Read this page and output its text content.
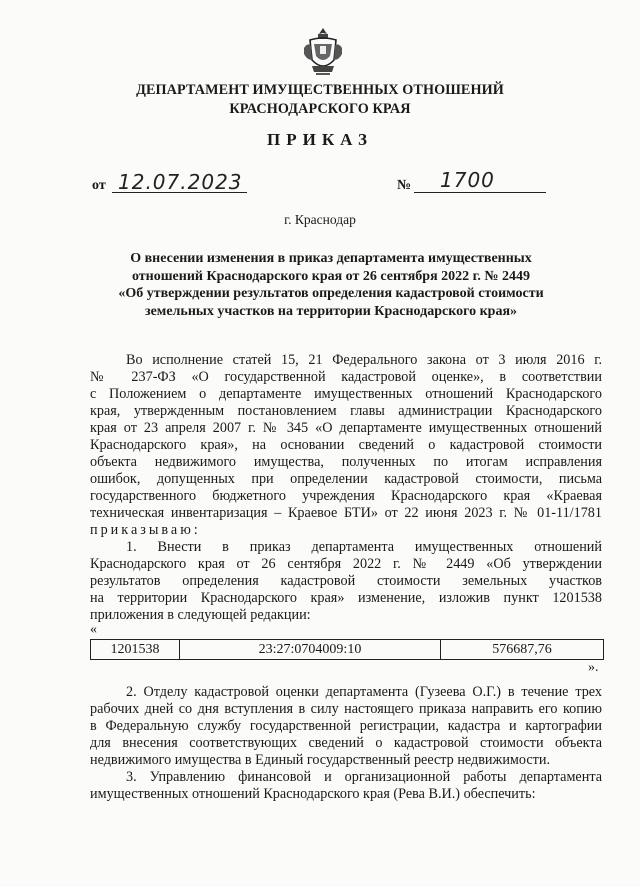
ДЕПАРТАМЕНТ ИМУЩЕСТВЕННЫХ ОТНОШЕНИЙ
КРАСНОДАРСКОГО КРАЯ
ПРИКАЗ
от 12.07.2023	№ 1700
г. Краснодар
О внесении изменения в приказ департамента имущественных
отношений Краснодарского края от 26 сентября 2022 г. № 2449
«Об утверждении результатов определения кадастровой стоимости
земельных участков на территории Краснодарского края»
Во исполнение статей 15, 21 Федерального закона от 3 июля 2016 г.
№ 237-ФЗ «О государственной кадастровой оценке», в соответствии
с Положением о департаменте имущественных отношений Краснодарского
края, утвержденным постановлением главы администрации Краснодарского
края от 23 апреля 2007 г. № 345 «О департаменте имущественных отношений
Краснодарского края», на основании сведений о кадастровой стоимости
объекта недвижимого имущества, полученных по итогам исправления
ошибок, допущенных при определении кадастровой стоимости, письма
государственного бюджетного учреждения Краснодарского края «Краевая
техническая инвентаризация – Краевое БТИ» от 22 июня 2023 г. № 01-11/1781
приказываю:
1. Внести в приказ департамента имущественных отношений
Краснодарского края от 26 сентября 2022 г. № 2449 «Об утверждении
результатов определения кадастровой стоимости земельных участков
на территории Краснодарского края» изменение, изложив пункт 1201538
приложения в следующей редакции:
«
1201538	23:27:0704009:10	576687,76
».
2. Отделу кадастровой оценки департамента (Гузеева О.Г.) в течение трех
рабочих дней со дня вступления в силу настоящего приказа направить его копию
в Федеральную службу государственной регистрации, кадастра и картографии
для внесения соответствующих сведений о кадастровой стоимости объекта
недвижимого имущества в Единый государственный реестр недвижимости.
3. Управлению финансовой и организационной работы департамента
имущественных отношений Краснодарского края (Рева В.И.) обеспечить:
